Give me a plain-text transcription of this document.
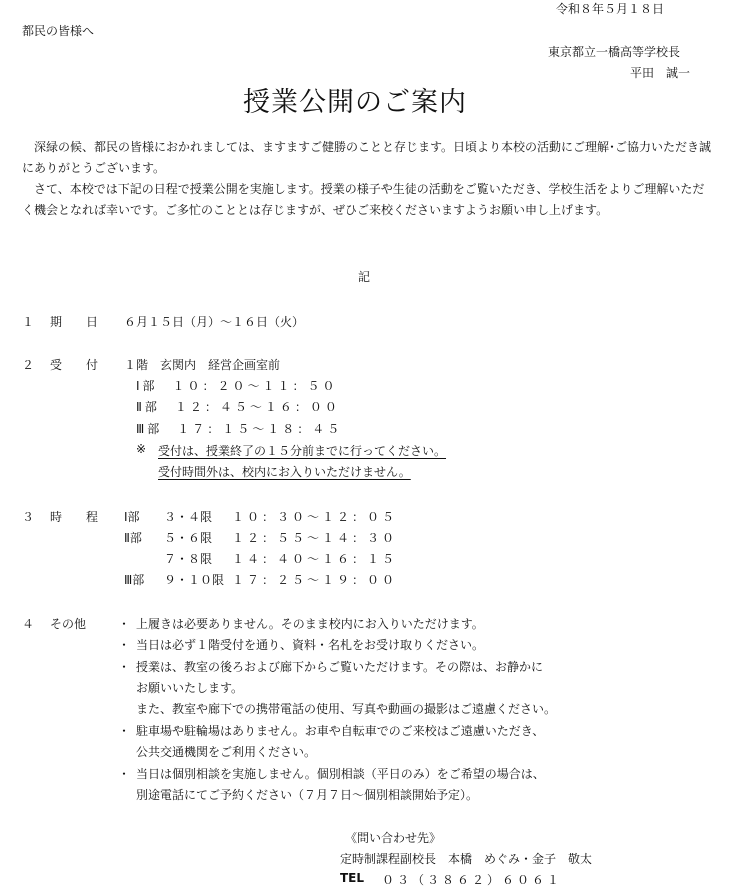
令和８年５月１８日
都民の皆様へ
東京都立一橋高等学校長
平田　誠一
授業公開のご案内

深緑の候、都民の皆様におかれましては、ますますご健勝のことと存じます。日頃より本校の活動にご理解･ご協力いただき誠にありがとうございます。

さて、本校では下記の日程で授業公開を実施します。授業の様子や生徒の活動をご覧いただき、学校生活をよりご理解いただく機会となれば幸いです。ご多忙のこととは存じますが、ぜひご来校くださいますようお願い申し上げます。

記
１ 期　　日 ６月１５日（月）～１６日（火）
２ 受　　付 １階　玄関内　経営企画室前
Ⅰ部　１０：２０～１１：５０
Ⅱ部　１２：４５～１６：００
Ⅲ部　１７：１５～１８：４５
※ 受付は、授業終了の１５分前までに行ってください。
受付時間外は、校内にお入りいただけません。
３ 時　　程 Ⅰ部 ３・４限 １０：３０～１２：０５
Ⅱ部 ５・６限 １２：５５～１４：３０
７・８限 １４：４０～１６：１５
Ⅲ部 ９・１０限 １７：２５～１９：００
４ その他	・ 上履きは必要ありません。そのまま校内にお入りいただけます。
・ 当日は必ず１階受付を通り、資料・名札をお受け取りください。
・ 授業は、教室の後ろおよび廊下からご覧いただけます。その際は、お静かに
お願いいたします。
また、教室や廊下での携帯電話の使用、写真や動画の撮影はご遠慮ください。
・ 駐車場や駐輪場はありません。お車や自転車でのご来校はご遠慮いただき、
公共交通機関をご利用ください。
・ 当日は個別相談を実施しません。個別相談（平日のみ）をご希望の場合は、
別途電話にてご予約ください（７月７日～個別相談開始予定）。
《問い合わせ先》
定時制課程副校長　本橋　めぐみ・金子　敬太
TEL ０３（３８６２）６０６１
